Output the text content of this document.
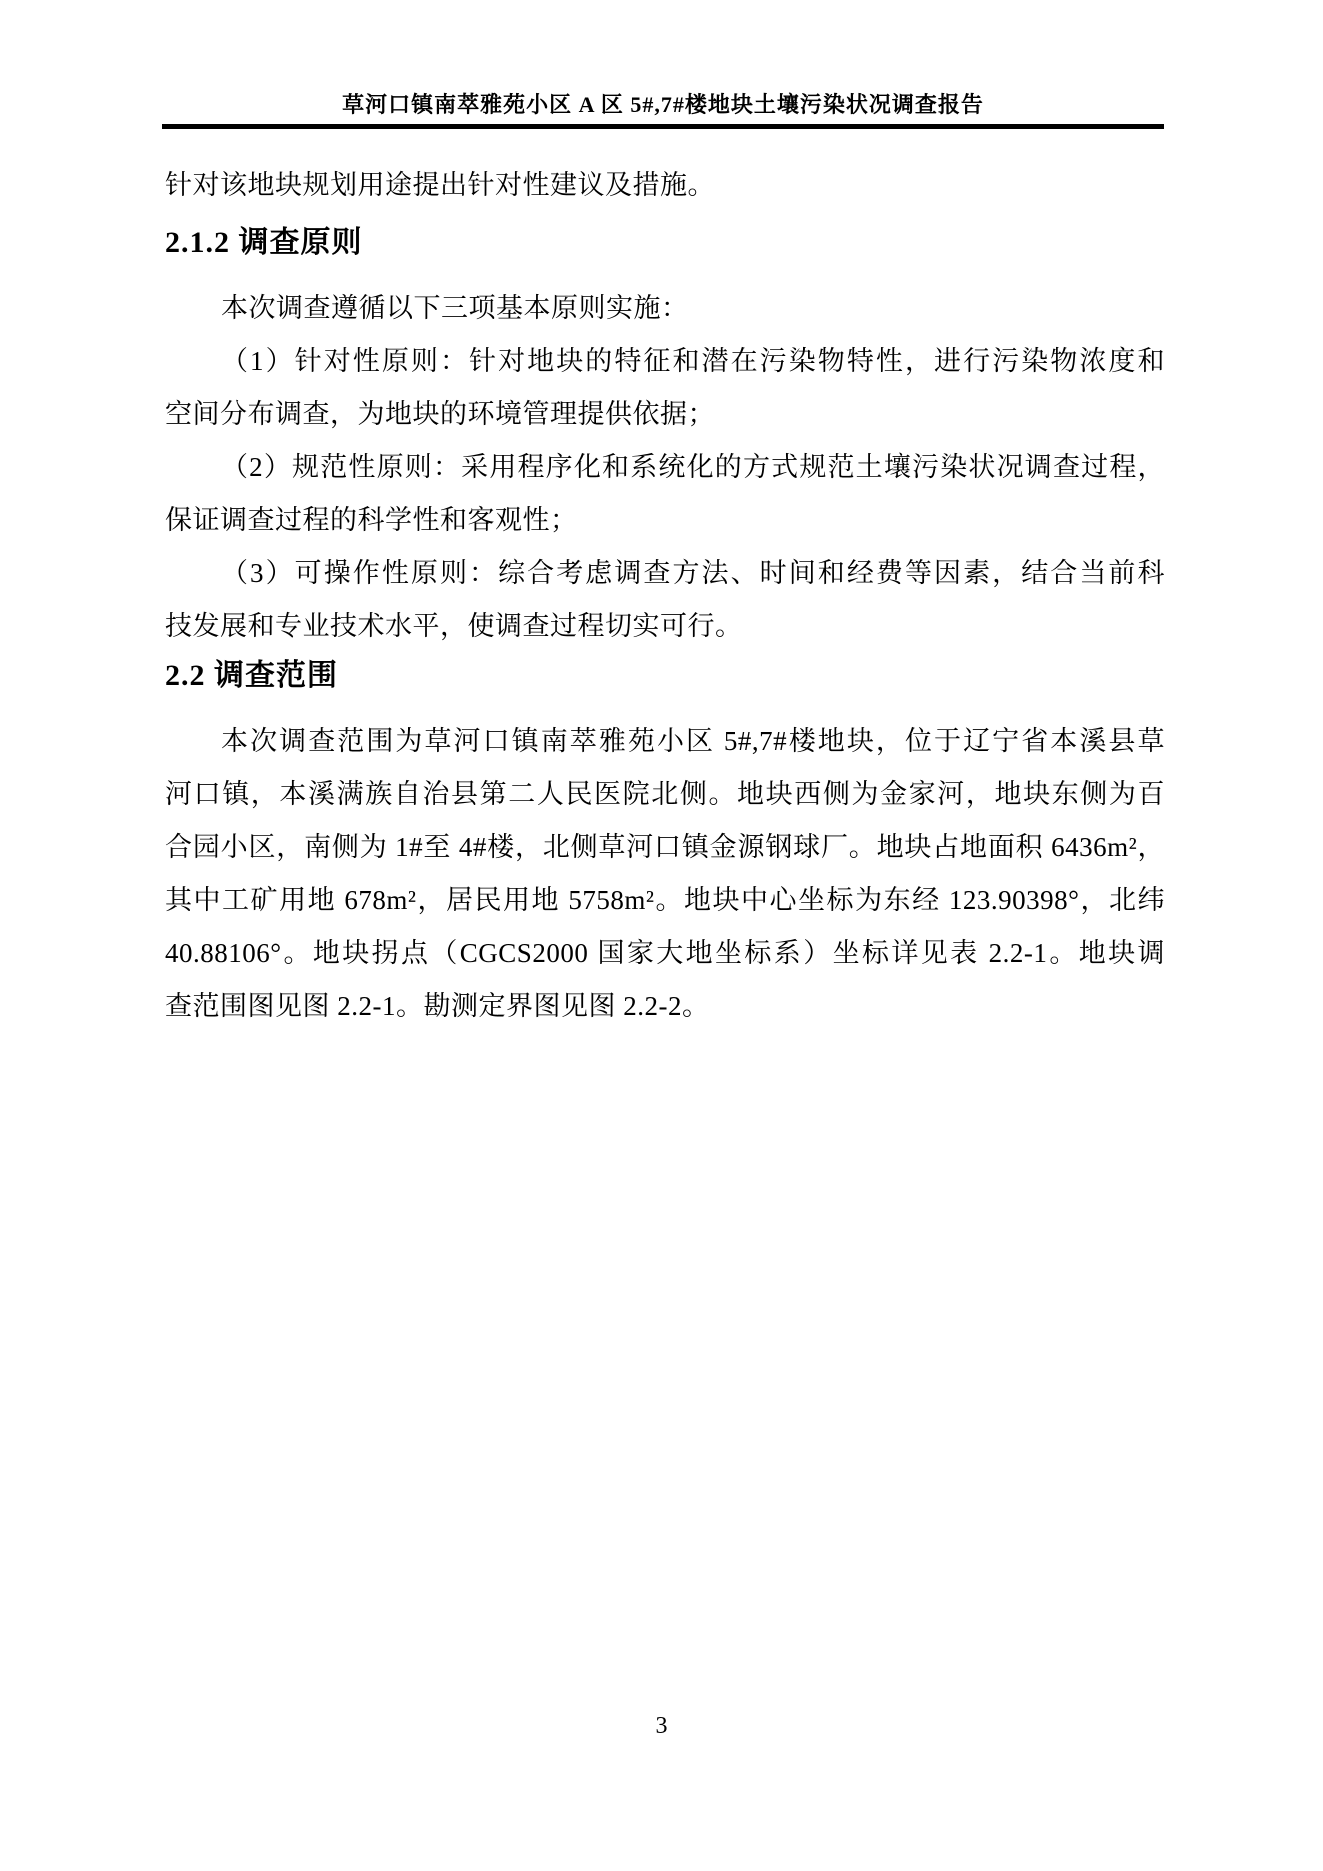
草河口镇南萃雅苑小区 A 区 5#,7#楼地块土壤污染状况调查报告
针对该地块规划用途提出针对性建议及措施。
2.1.2 调查原则
本次调查遵循以下三项基本原则实施：
（1）针对性原则：针对地块的特征和潜在污染物特性，进行污染物浓度和
空间分布调查，为地块的环境管理提供依据；
（2）规范性原则：采用程序化和系统化的方式规范土壤污染状况调查过程，
保证调查过程的科学性和客观性；
（3）可操作性原则：综合考虑调查方法、时间和经费等因素，结合当前科
技发展和专业技术水平，使调查过程切实可行。
2.2 调查范围
本次调查范围为草河口镇南萃雅苑小区 5#,7#楼地块，位于辽宁省本溪县草
河口镇，本溪满族自治县第二人民医院北侧。地块西侧为金家河，地块东侧为百
合园小区，南侧为 1#至 4#楼，北侧草河口镇金源钢球厂。地块占地面积 6436m²，
其中工矿用地 678m²，居民用地 5758m²。地块中心坐标为东经 123.90398°，北纬
40.88106°。地块拐点（CGCS2000 国家大地坐标系）坐标详见表 2.2-1。地块调
查范围图见图 2.2-1。勘测定界图见图 2.2-2。
3
